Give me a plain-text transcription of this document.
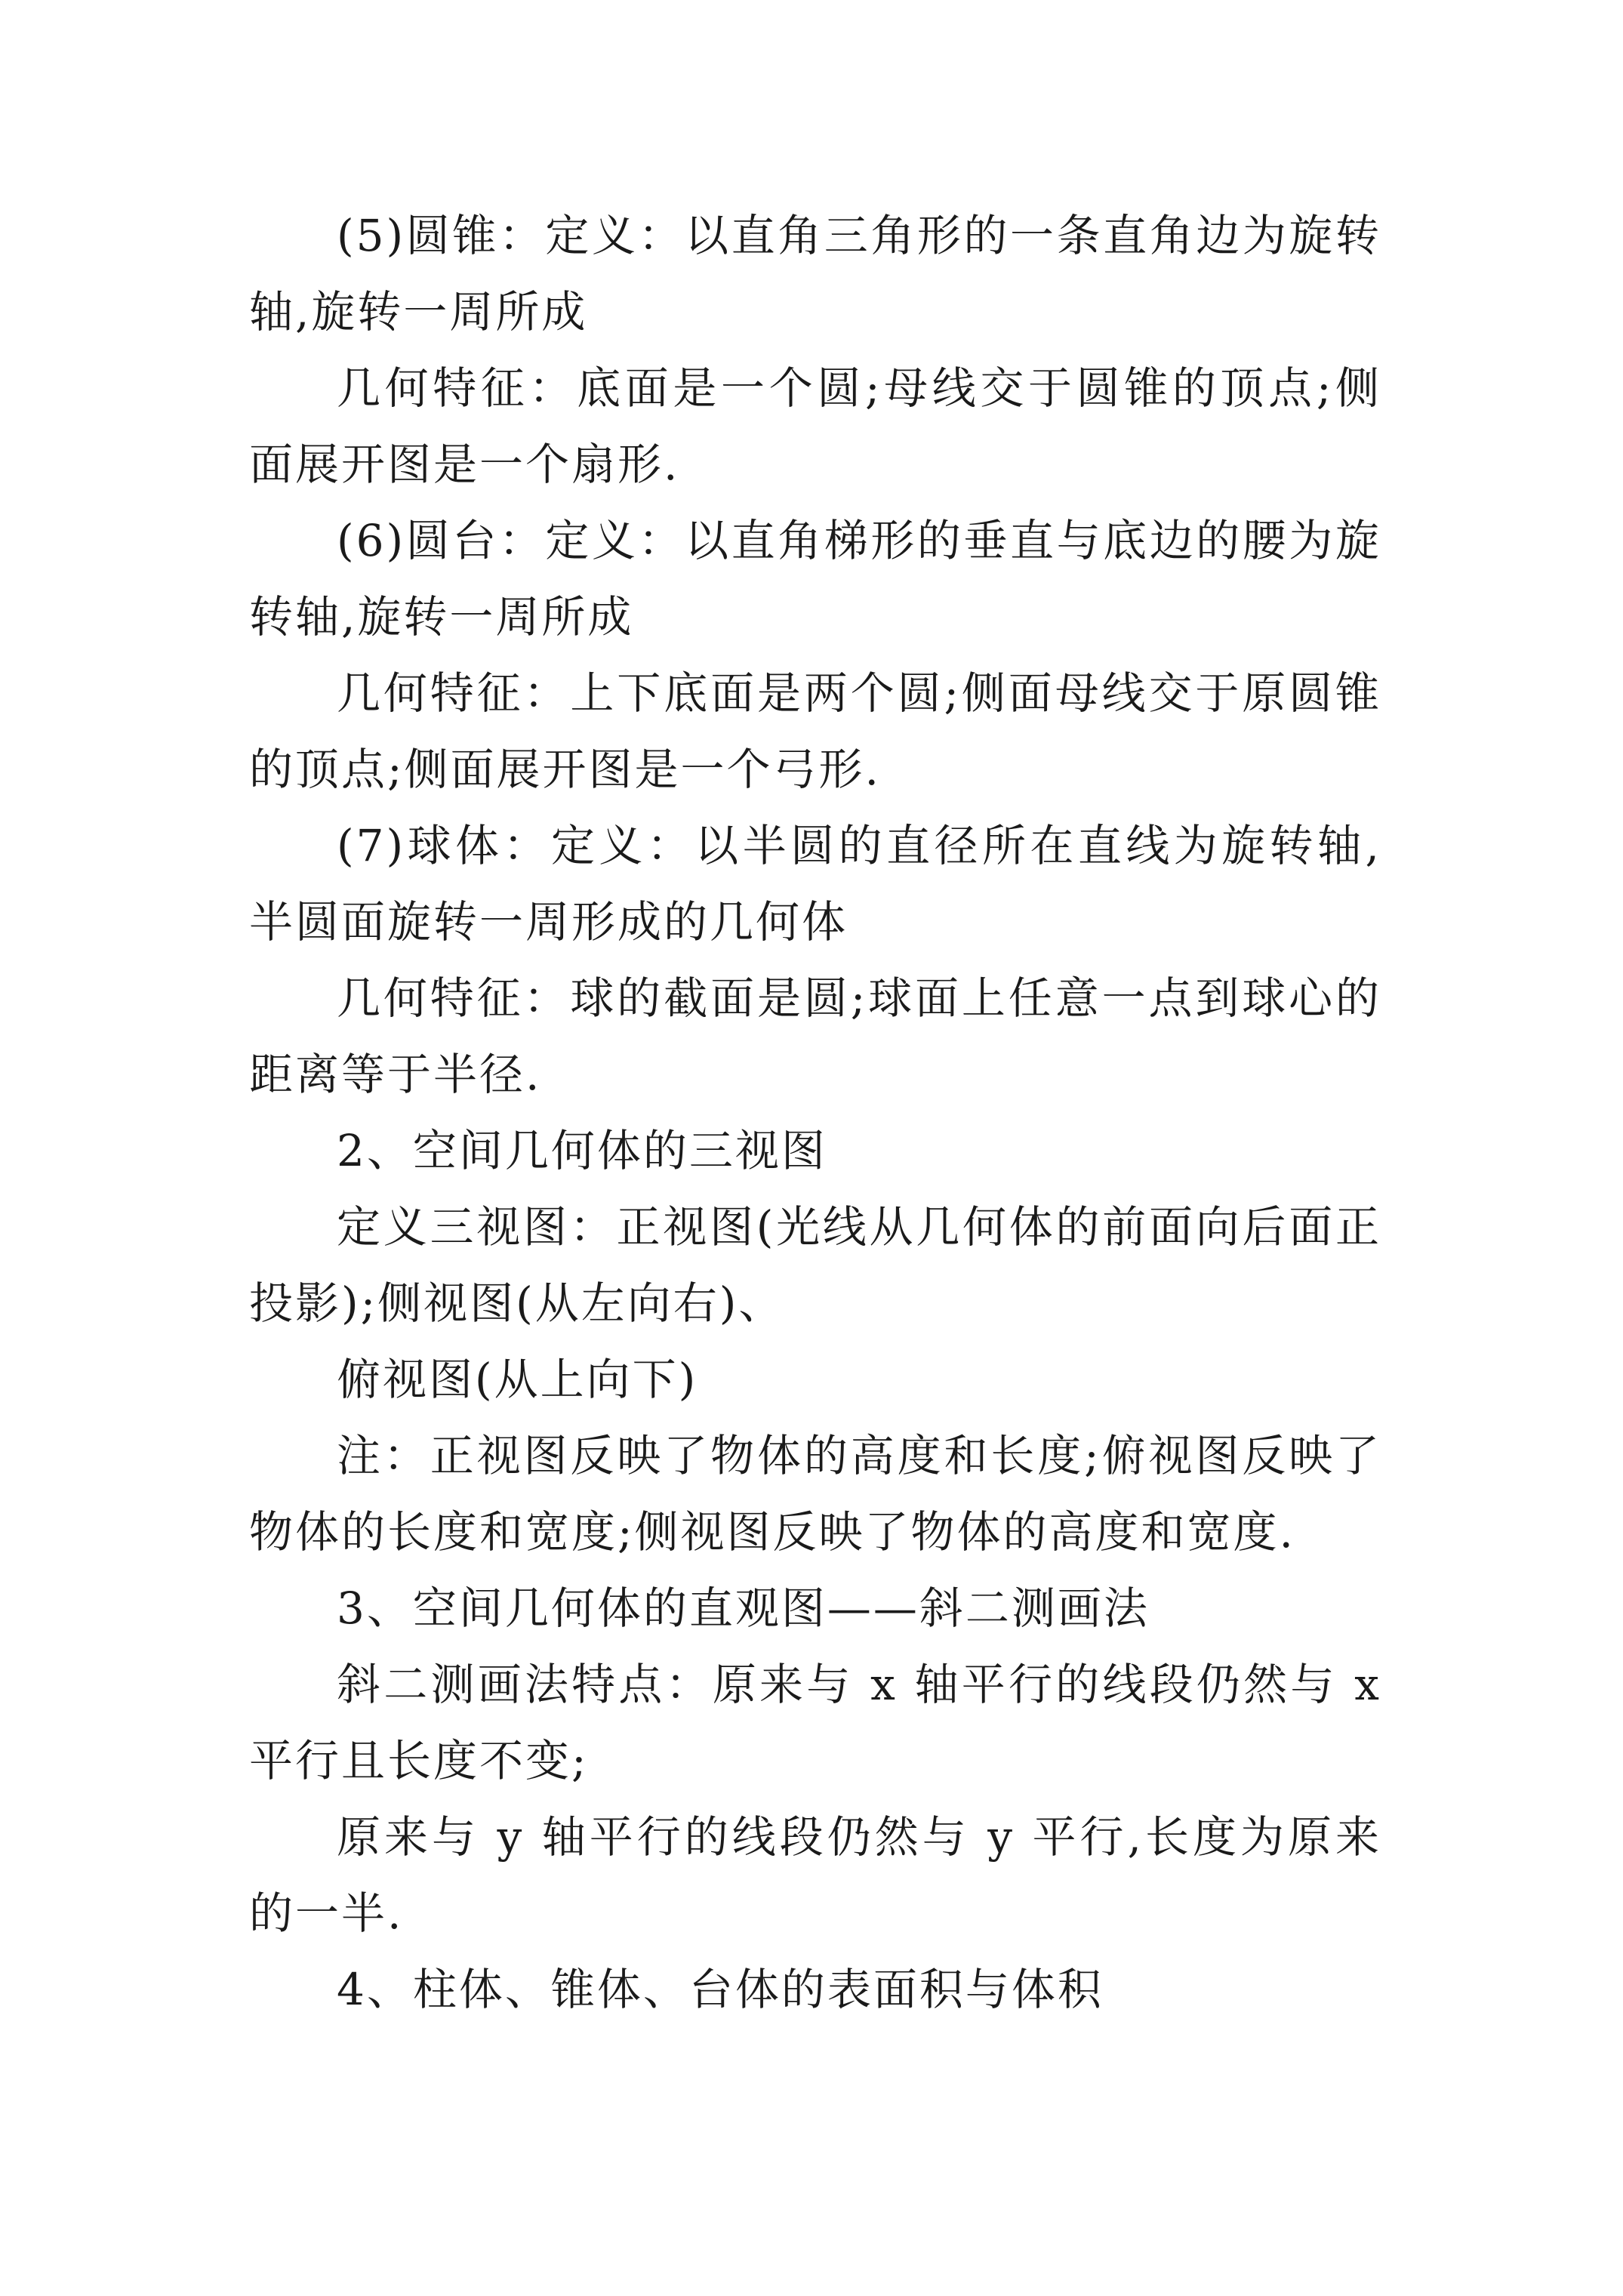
(5)圆锥：定义：以直角三角形的一条直角边为旋转轴,旋转一周所成

几何特征：底面是一个圆;母线交于圆锥的顶点;侧面展开图是一个扇形.

(6)圆台：定义：以直角梯形的垂直与底边的腰为旋转轴,旋转一周所成

几何特征：上下底面是两个圆;侧面母线交于原圆锥的顶点;侧面展开图是一个弓形.

(7)球体：定义：以半圆的直径所在直线为旋转轴,半圆面旋转一周形成的几何体

几何特征：球的截面是圆;球面上任意一点到球心的距离等于半径.

2、空间几何体的三视图

定义三视图：正视图(光线从几何体的前面向后面正投影);侧视图(从左向右)、

俯视图(从上向下)

注：正视图反映了物体的高度和长度;俯视图反映了物体的长度和宽度;侧视图反映了物体的高度和宽度.

3、空间几何体的直观图——斜二测画法

斜二测画法特点：原来与 x 轴平行的线段仍然与 x 平行且长度不变;

原来与 y 轴平行的线段仍然与 y 平行,长度为原来的一半.

4、柱体、锥体、台体的表面积与体积
